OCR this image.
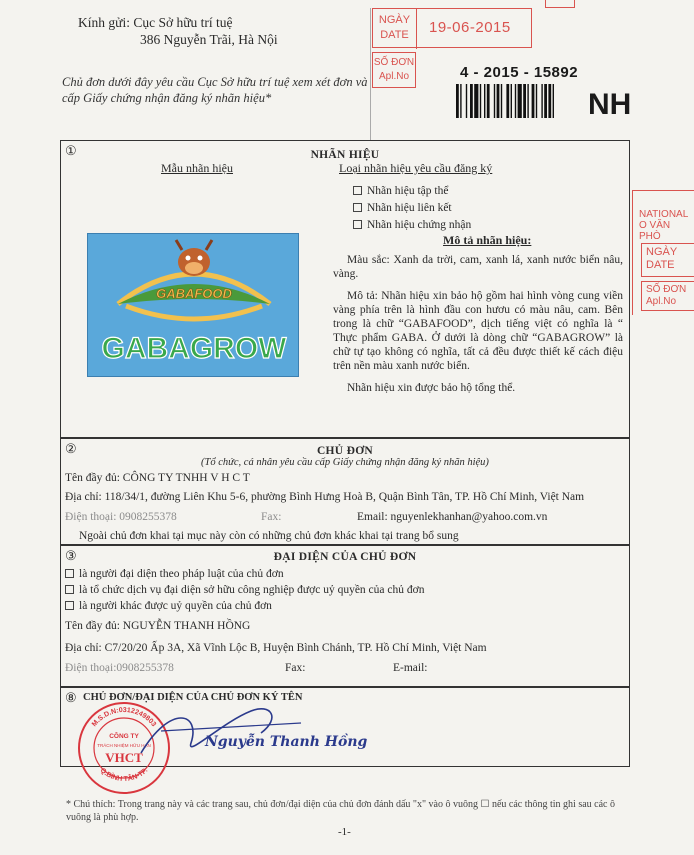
Kính gửi: Cục Sở hữu trí tuệ
386 Nguyễn Trãi, Hà Nội
Chủ đơn dưới đây yêu cầu Cục Sở hữu trí tuệ xem xét đơn và cấp Giấy chứng nhận đăng ký nhãn hiệu*
NGÀY DATE	19-06-2015
SỐ ĐƠN
Apl.No	4 - 2015 - 15892
NH
NATIONAL O VĂN PHÒ
NGÀY DATE
SỐ ĐƠN
Apl.No
①	NHÃN HIỆU
Mẫu nhãn hiệu
GABAFOOD
GABAGROW
Loại nhãn hiệu yêu cầu đăng ký
Nhãn hiệu tập thể
Nhãn hiệu liên kết
Nhãn hiệu chứng nhận
Mô tả nhãn hiệu:

Màu sắc: Xanh da trời, cam, xanh lá, xanh nước biển nâu, vàng.

Mô tả: Nhãn hiệu xin bảo hộ gồm hai hình vòng cung viền vàng phía trên là hình đầu con hươu có màu nâu, cam. Bên trong là chữ “GABAFOOD”, dịch tiếng việt có nghĩa là “ Thực phẩm GABA. Ở dưới là dòng chữ “GABAGROW” là chữ tự tạo không có nghĩa, tất cả đều được thiết kế cách điệu trên nền màu xanh nước biển.

Nhãn hiệu xin được bảo hộ tổng thể.

②	CHỦ ĐƠN
(Tổ chức, cá nhân yêu cầu cấp Giấy chứng nhận đăng ký nhãn hiệu)
Tên đầy đủ: CÔNG TY TNHH V H C T
Địa chỉ: 118/34/1, đường Liên Khu 5-6, phường Bình Hưng Hoà B, Quận Bình Tân, TP. Hồ Chí Minh, Việt Nam
Điện thoại: 0908255378	Fax:	Email: nguyenlekhanhan@yahoo.com.vn
Ngoài chủ đơn khai tại mục này còn có những chủ đơn khác khai tại trang bổ sung
③	ĐẠI DIỆN CỦA CHỦ ĐƠN
là người đại diện theo pháp luật của chủ đơn
là tổ chức dịch vụ đại diện sở hữu công nghiệp được uỷ quyền của chủ đơn
là người khác được uỷ quyền của chủ đơn
Tên đầy đủ: NGUYỄN THANH HỒNG
Địa chỉ: C7/20/20 Ấp 3A, Xã Vĩnh Lộc B, Huyện Bình Chánh, TP. Hồ Chí Minh, Việt Nam
Điện thoại:0908255378	Fax:	E-mail:
⑧ CHỦ ĐƠN/ĐẠI DIỆN CỦA CHỦ ĐƠN KÝ TÊN
M.S.D.N:0312249803
Q.BÌNH TÂN-TP.
CÔNG TY
TRÁCH NHIỆM HỮU HẠN
VHCT
Nguyễn Thanh Hồng
* Chú thích: Trong trang này và các trang sau, chủ đơn/đại diện của chủ đơn đánh dấu "x" vào ô vuông ☐ nếu các thông tin ghi sau các ô vuông là phù hợp.
-1-
